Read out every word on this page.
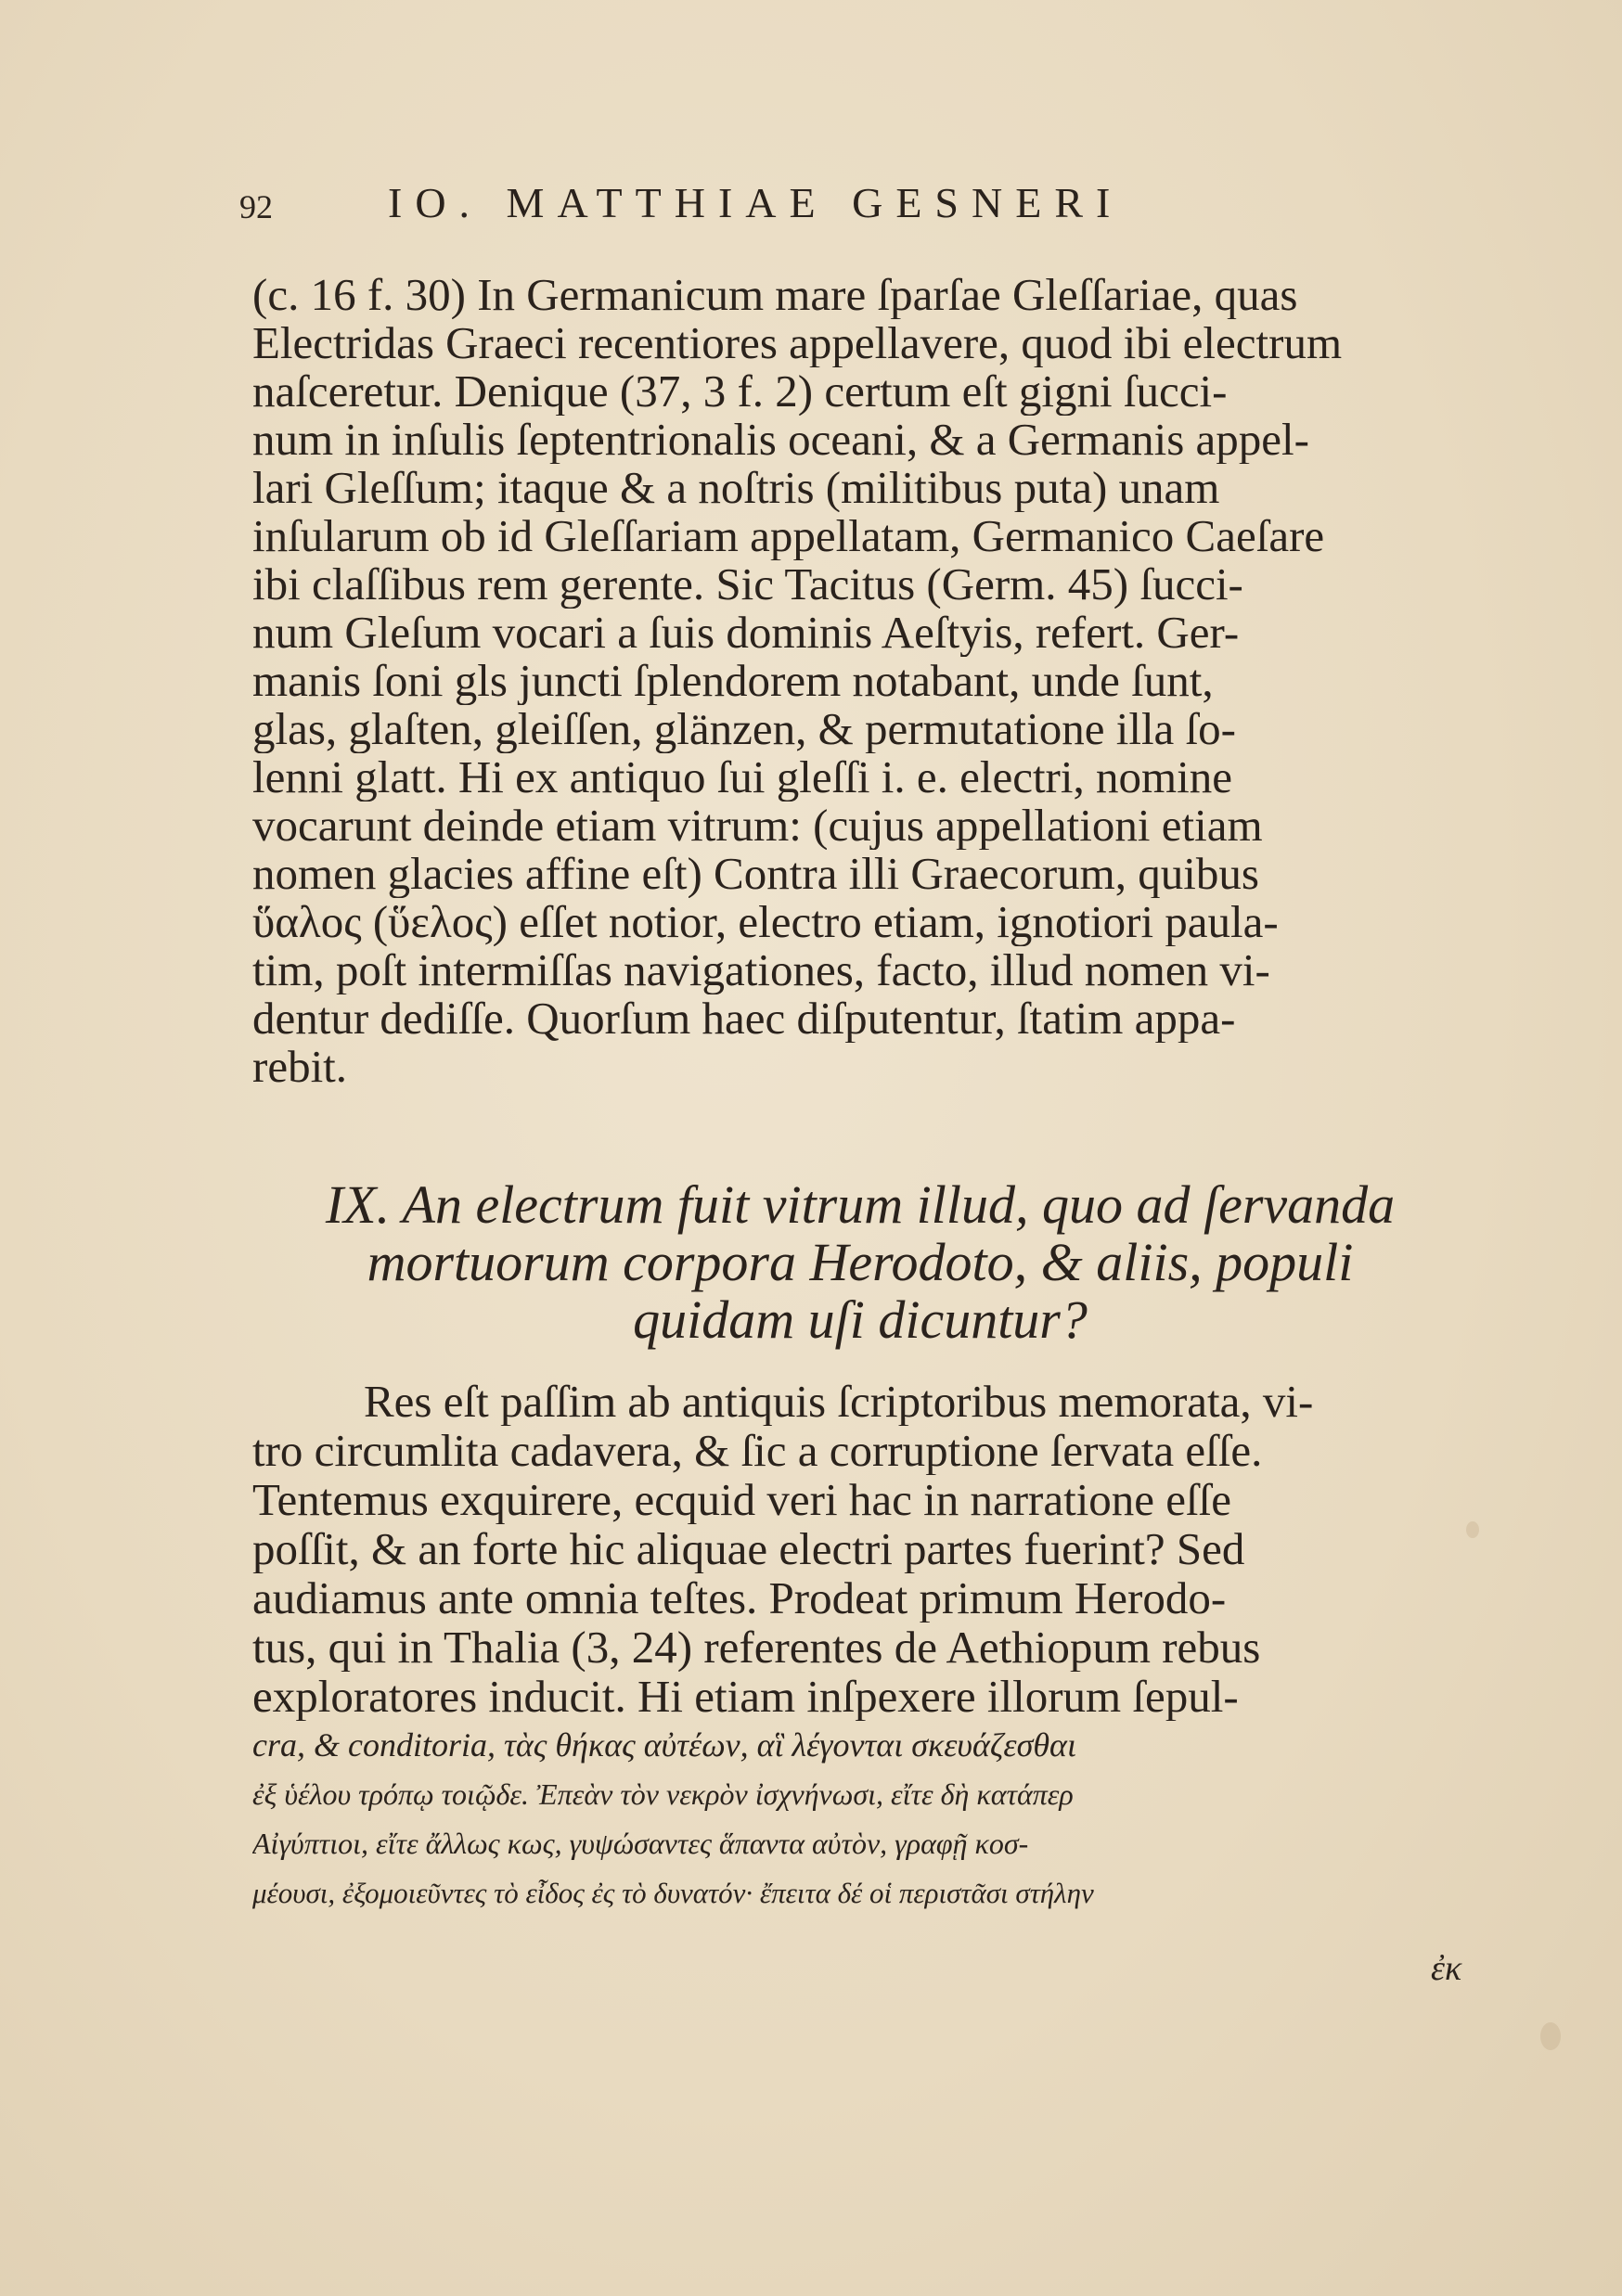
92	IO. MATTHIAE GESNERI
(c. 16 f. 30) In Germanicum mare ſparſae Gleſſariae, quas
Electridas Graeci recentiores appellavere, quod ibi electrum
naſceretur. Denique (37, 3 f. 2) certum eſt gigni ſucci-
num in inſulis ſeptentrionalis oceani, & a Germanis appel-
lari Gleſſum; itaque & a noſtris (militibus puta) unam
inſularum ob id Gleſſariam appellatam, Germanico Caeſare
ibi claſſibus rem gerente. Sic Tacitus (Germ. 45) ſucci-
num Gleſum vocari a ſuis dominis Aeſtyis, refert. Ger-
manis ſoni gls juncti ſplendorem notabant, unde ſunt,
glas, glaſten, gleiſſen, glänzen, & permutatione illa ſo-
lenni glatt. Hi ex antiquo ſui gleſſi i. e. electri, nomine
vocarunt deinde etiam vitrum: (cujus appellationi etiam
nomen glacies affine eſt) Contra illi Graecorum, quibus
ὕαλος (ὕελος) eſſet notior, electro etiam, ignotiori paula-
tim, poſt intermiſſas navigationes, facto, illud nomen vi-
dentur dediſſe. Quorſum haec diſputentur, ſtatim appa-
rebit.
IX. An electrum fuit vitrum illud, quo ad ſervanda
mortuorum corpora Herodoto, & aliis, populi
quidam uſi dicuntur?
Res eſt paſſim ab antiquis ſcriptoribus memorata, vi-
tro circumlita cadavera, & ſic a corruptione ſervata eſſe.
Tentemus exquirere, ecquid veri hac in narratione eſſe
poſſit, & an forte hic aliquae electri partes fuerint? Sed
audiamus ante omnia teſtes. Prodeat primum Herodo-
tus, qui in Thalia (3, 24) referentes de Aethiopum rebus
exploratores inducit. Hi etiam inſpexere illorum ſepul-
cra, & conditoria, τὰς θήκας αὐτέων, αἳ λέγονται σκευάζεσθαι
ἐξ ὑέλου τρόπῳ τοιῷδε. Ἐπεὰν τὸν νεκρὸν ἰσχνήνωσι, εἴτε δὴ κατάπερ
Αἰγύπτιοι, εἴτε ἄλλως κως, γυψώσαντες ἅπαντα αὐτὸν, γραφῇ κοσ-
μέουσι, ἐξομοιεῦντες τὸ εἶδος ἐς τὸ δυνατόν· ἔπειτα δέ οἱ περιστᾶσι στήλην
ἐκ
